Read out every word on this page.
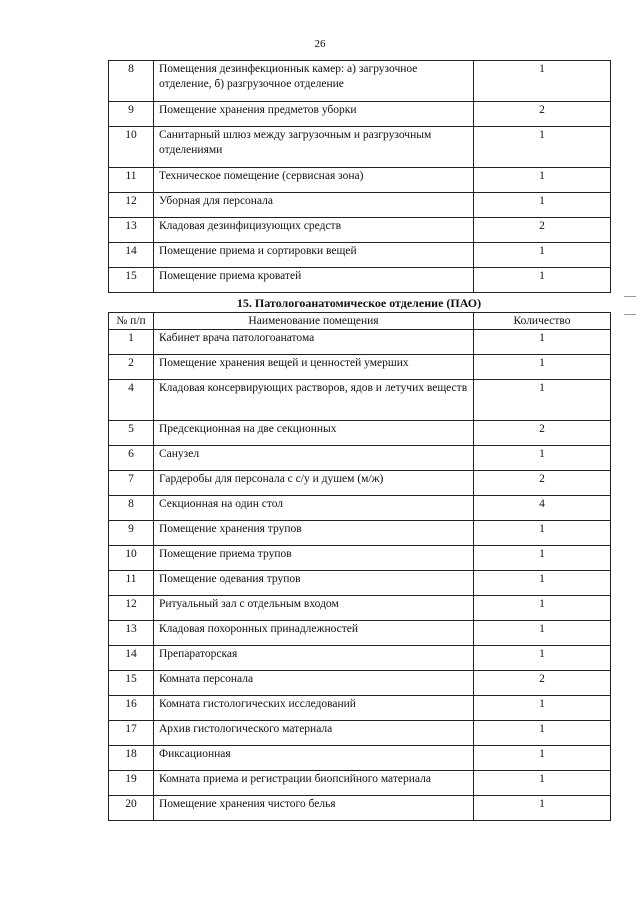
26
8	Помещения дезинфекционнык камер: а) загрузочное отделение, б) разгрузочное отделение	1
9	Помещение хранения предметов уборки	2
10	Санитарный шлюз между загрузочным и разгрузочным отделениями	1
11	Техническое помещение (сервисная зона)	1
12	Уборная для персонала	1
13	Кладовая дезинфицизующих средств	2
14	Помещение приема и сортировки вещей	1
15	Помещение приема кроватей	1
15. Патологоанатомическое отделение (ПАО)
№ п/п	Наименование помещения	Количество
1	Кабинет врача патологоанатома	1
2	Помещение хранения вещей и ценностей умерших	1
4	Кладовая консервирующих растворов, ядов и летучих веществ	1
5	Предсекционная на две секционных	2
6	Санузел	1
7	Гардеробы для персонала с с/у и душем (м/ж)	2
8	Секционная на один стол	4
9	Помещение хранения трупов	1
10	Помещение приема трупов	1
11	Помещение одевания трупов	1
12	Ритуальный зал с отдельным входом	1
13	Кладовая похоронных принадлежностей	1
14	Препараторская	1
15	Комната персонала	2
16	Комната гистологических исследований	1
17	Архив гистологического материала	1
18	Фиксационная	1
19	Комната приема и регистрации биопсийного материала	1
20	Помещение хранения чистого белья	1
